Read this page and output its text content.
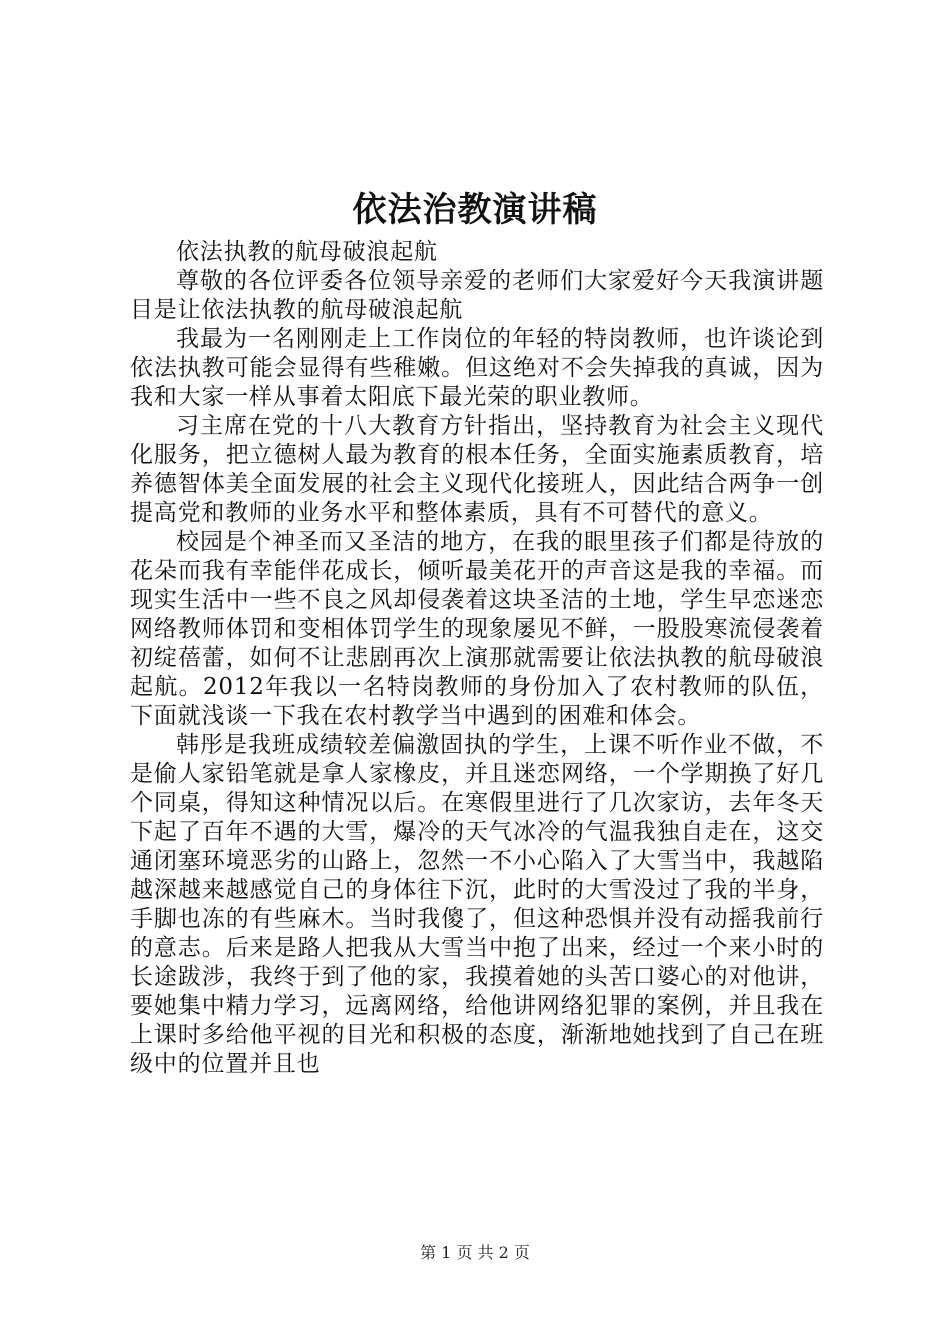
依法治教演讲稿

依法执教的航母破浪起航

尊敬的各位评委各位领导亲爱的老师们大家爱好今天我演讲题目是让依法执教的航母破浪起航

我最为一名刚刚走上工作岗位的年轻的特岗教师，也许谈论到依法执教可能会显得有些稚嫩。但这绝对不会失掉我的真诚，因为我和大家一样从事着太阳底下最光荣的职业教师。

习主席在党的十八大教育方针指出，坚持教育为社会主义现代化服务，把立德树人最为教育的根本任务，全面实施素质教育，培养德智体美全面发展的社会主义现代化接班人，因此结合两争一创提高党和教师的业务水平和整体素质，具有不可替代的意义。

校园是个神圣而又圣洁的地方，在我的眼里孩子们都是待放的花朵而我有幸能伴花成长，倾听最美花开的声音这是我的幸福。而现实生活中一些不良之风却侵袭着这块圣洁的土地，学生早恋迷恋网络教师体罚和变相体罚学生的现象屡见不鲜，一股股寒流侵袭着初绽蓓蕾，如何不让悲剧再次上演那就需要让依法执教的航母破浪起航。2012年我以一名特岗教师的身份加入了农村教师的队伍，下面就浅谈一下我在农村教学当中遇到的困难和体会。

韩彤是我班成绩较差偏激固执的学生，上课不听作业不做，不是偷人家铅笔就是拿人家橡皮，并且迷恋网络，一个学期换了好几个同桌，得知这种情况以后。在寒假里进行了几次家访，去年冬天下起了百年不遇的大雪，爆冷的天气冰冷的气温我独自走在，这交通闭塞环境恶劣的山路上，忽然一不小心陷入了大雪当中，我越陷越深越来越感觉自己的身体往下沉，此时的大雪没过了我的半身，手脚也冻的有些麻木。当时我傻了，但这种恐惧并没有动摇我前行的意志。后来是路人把我从大雪当中抱了出来，经过一个来小时的长途跋涉，我终于到了他的家，我摸着她的头苦口婆心的对他讲，要她集中精力学习，远离网络，给他讲网络犯罪的案例，并且我在上课时多给他平视的目光和积极的态度，渐渐地她找到了自己在班级中的位置并且也

第 1 页 共 2 页
